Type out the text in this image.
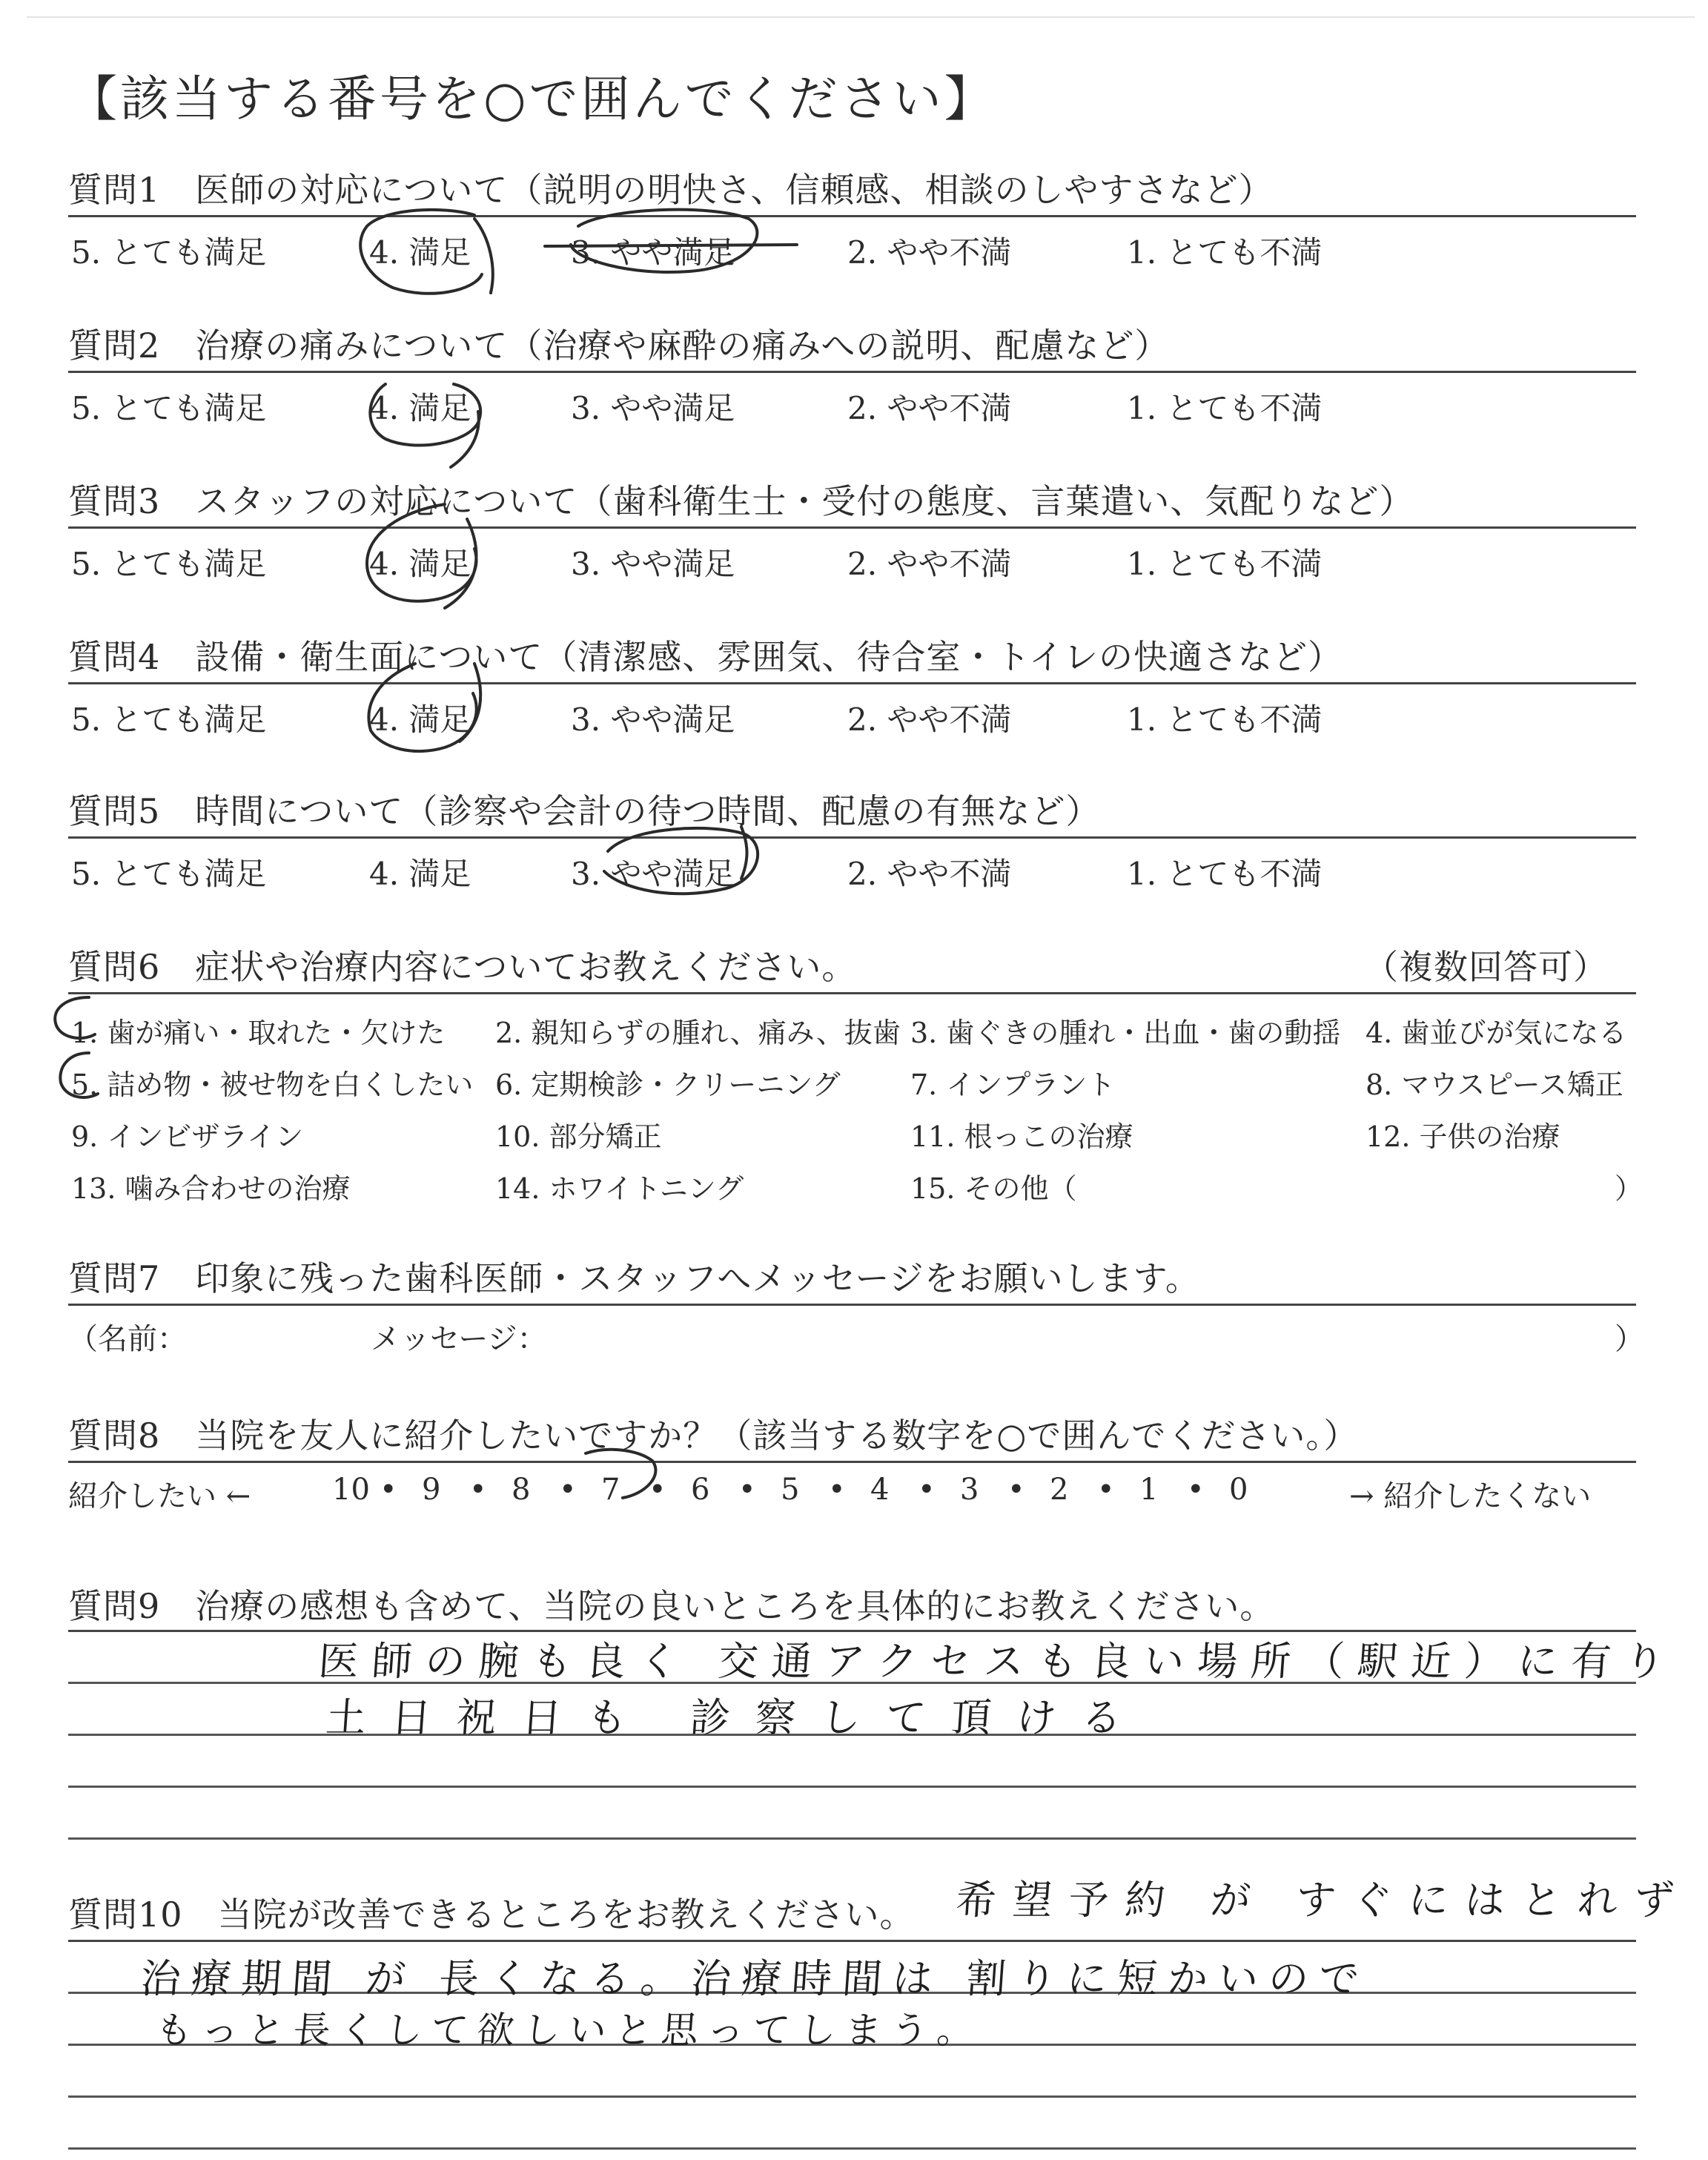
【該当する番号を○で囲んでください】
質問1　医師の対応について（説明の明快さ、信頼感、相談のしやすさなど）
5. とても満足	4. 満足	3. やや満足	2. やや不満	1. とても不満
質問2　治療の痛みについて（治療や麻酔の痛みへの説明、配慮など）
5. とても満足	4. 満足	3. やや満足	2. やや不満	1. とても不満
質問3　スタッフの対応について（歯科衛生士・受付の態度、言葉遣い、気配りなど）
5. とても満足	4. 満足	3. やや満足	2. やや不満	1. とても不満
質問4　設備・衛生面について（清潔感、雰囲気、待合室・トイレの快適さなど）
5. とても満足	4. 満足	3. やや満足	2. やや不満	1. とても不満
質問5　時間について（診察や会計の待つ時間、配慮の有無など）
5. とても満足	4. 満足	3. やや満足	2. やや不満	1. とても不満
質問6　症状や治療内容についてお教えください。	（複数回答可）
1. 歯が痛い・取れた・欠けた 2. 親知らずの腫れ、痛み、抜歯 3. 歯ぐきの腫れ・出血・歯の動揺 4. 歯並びが気になる
5. 詰め物・被せ物を白くしたい 6. 定期検診・クリーニング 7. インプラント	8. マウスピース矯正
9. インビザライン	10. 部分矯正	11. 根っこの治療	12. 子供の治療
13. 噛み合わせの治療	14. ホワイトニング	15. その他（	）
質問7　印象に残った歯科医師・スタッフへメッセージをお願いします。
（名前：	メッセージ：	）
質問8　当院を友人に紹介したいですか？（該当する数字を○で囲んでください。）
紹介したい ←	10 • 9 • 8 • 7 • 6 • 5 • 4 • 3 • 2 • 1 • 0	→ 紹介したくない
質問9　治療の感想も含めて、当院の良いところを具体的にお教えください。
医師の腕も良く 交通アクセスも良い場所（駅近）に有り
土日祝日も 診察して頂ける
質問10　当院が改善できるところをお教えください。 希望予約 が すぐにはとれず
治療期間 が 長くなる。治療時間は 割りに短かいので
もっと長くして欲しいと思ってしまう。
